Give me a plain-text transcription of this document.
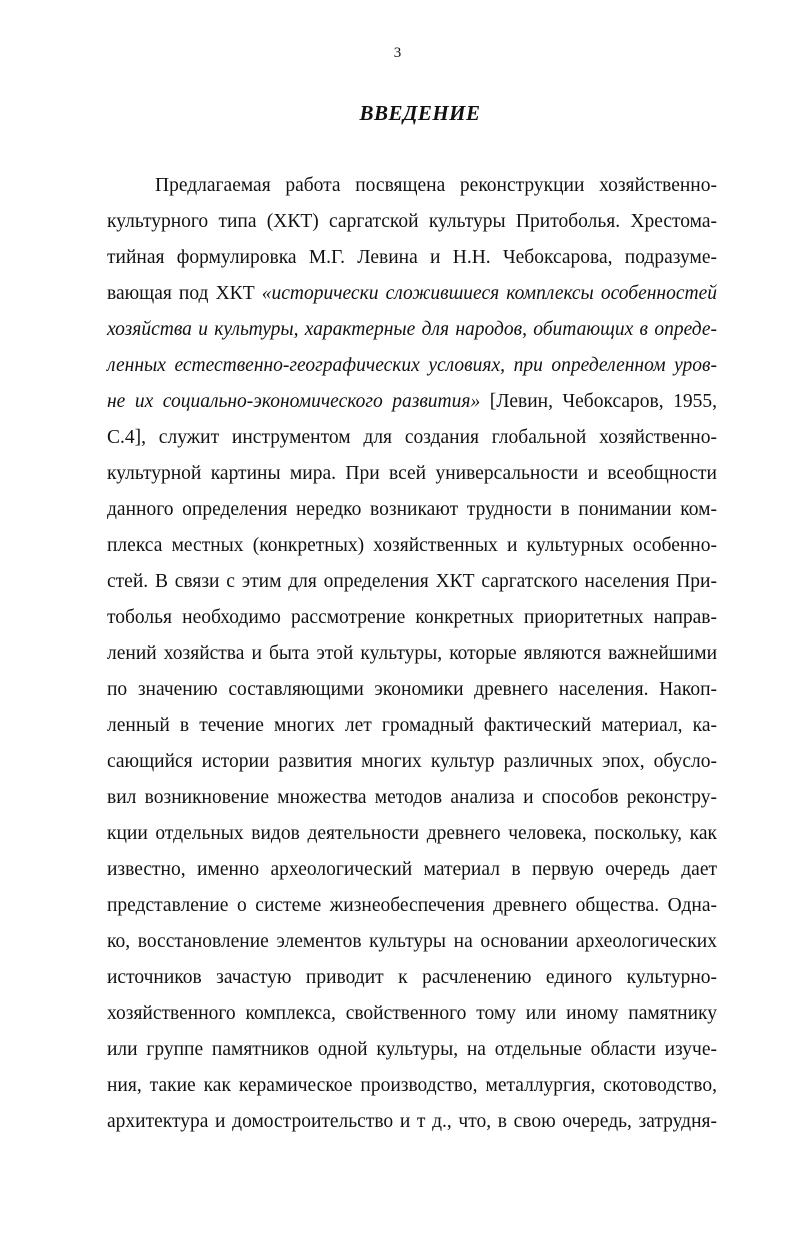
3
ВВЕДЕНИЕ
Предлагаемая работа посвящена реконструкции хозяйственно-
культурного типа (ХКТ) саргатской культуры Притоболья. Хрестома-
тийная формулировка М.Г. Левина и Н.Н. Чебоксарова, подразуме-
вающая под ХКТ «исторически сложившиеся комплексы особенностей
хозяйства и культуры, характерные для народов, обитающих в опреде-
ленных естественно-географических условиях, при определенном уров-
не их социально-экономического развития» [Левин, Чебоксаров, 1955,
С.4], служит инструментом для создания глобальной хозяйственно-
культурной картины мира. При всей универсальности и всеобщности
данного определения нередко возникают трудности в понимании ком-
плекса местных (конкретных) хозяйственных и культурных особенно-
стей. В связи с этим для определения ХКТ саргатского населения При-
тоболья необходимо рассмотрение конкретных приоритетных направ-
лений хозяйства и быта этой культуры, которые являются важнейшими
по значению составляющими экономики древнего населения. Накоп-
ленный в течение многих лет громадный фактический материал, ка-
сающийся истории развития многих культур различных эпох, обусло-
вил возникновение множества методов анализа и способов реконстру-
кции отдельных видов деятельности древнего человека, поскольку, как
известно, именно археологический материал в первую очередь дает
представление о системе жизнеобеспечения древнего общества. Одна-
ко, восстановление элементов культуры на основании археологических
источников зачастую приводит к расчленению единого культурно-
хозяйственного комплекса, свойственного тому или иному памятнику
или группе памятников одной культуры, на отдельные области изуче-
ния, такие как керамическое производство, металлургия, скотоводство,
архитектура и домостроительство и т д., что, в свою очередь, затрудня-
